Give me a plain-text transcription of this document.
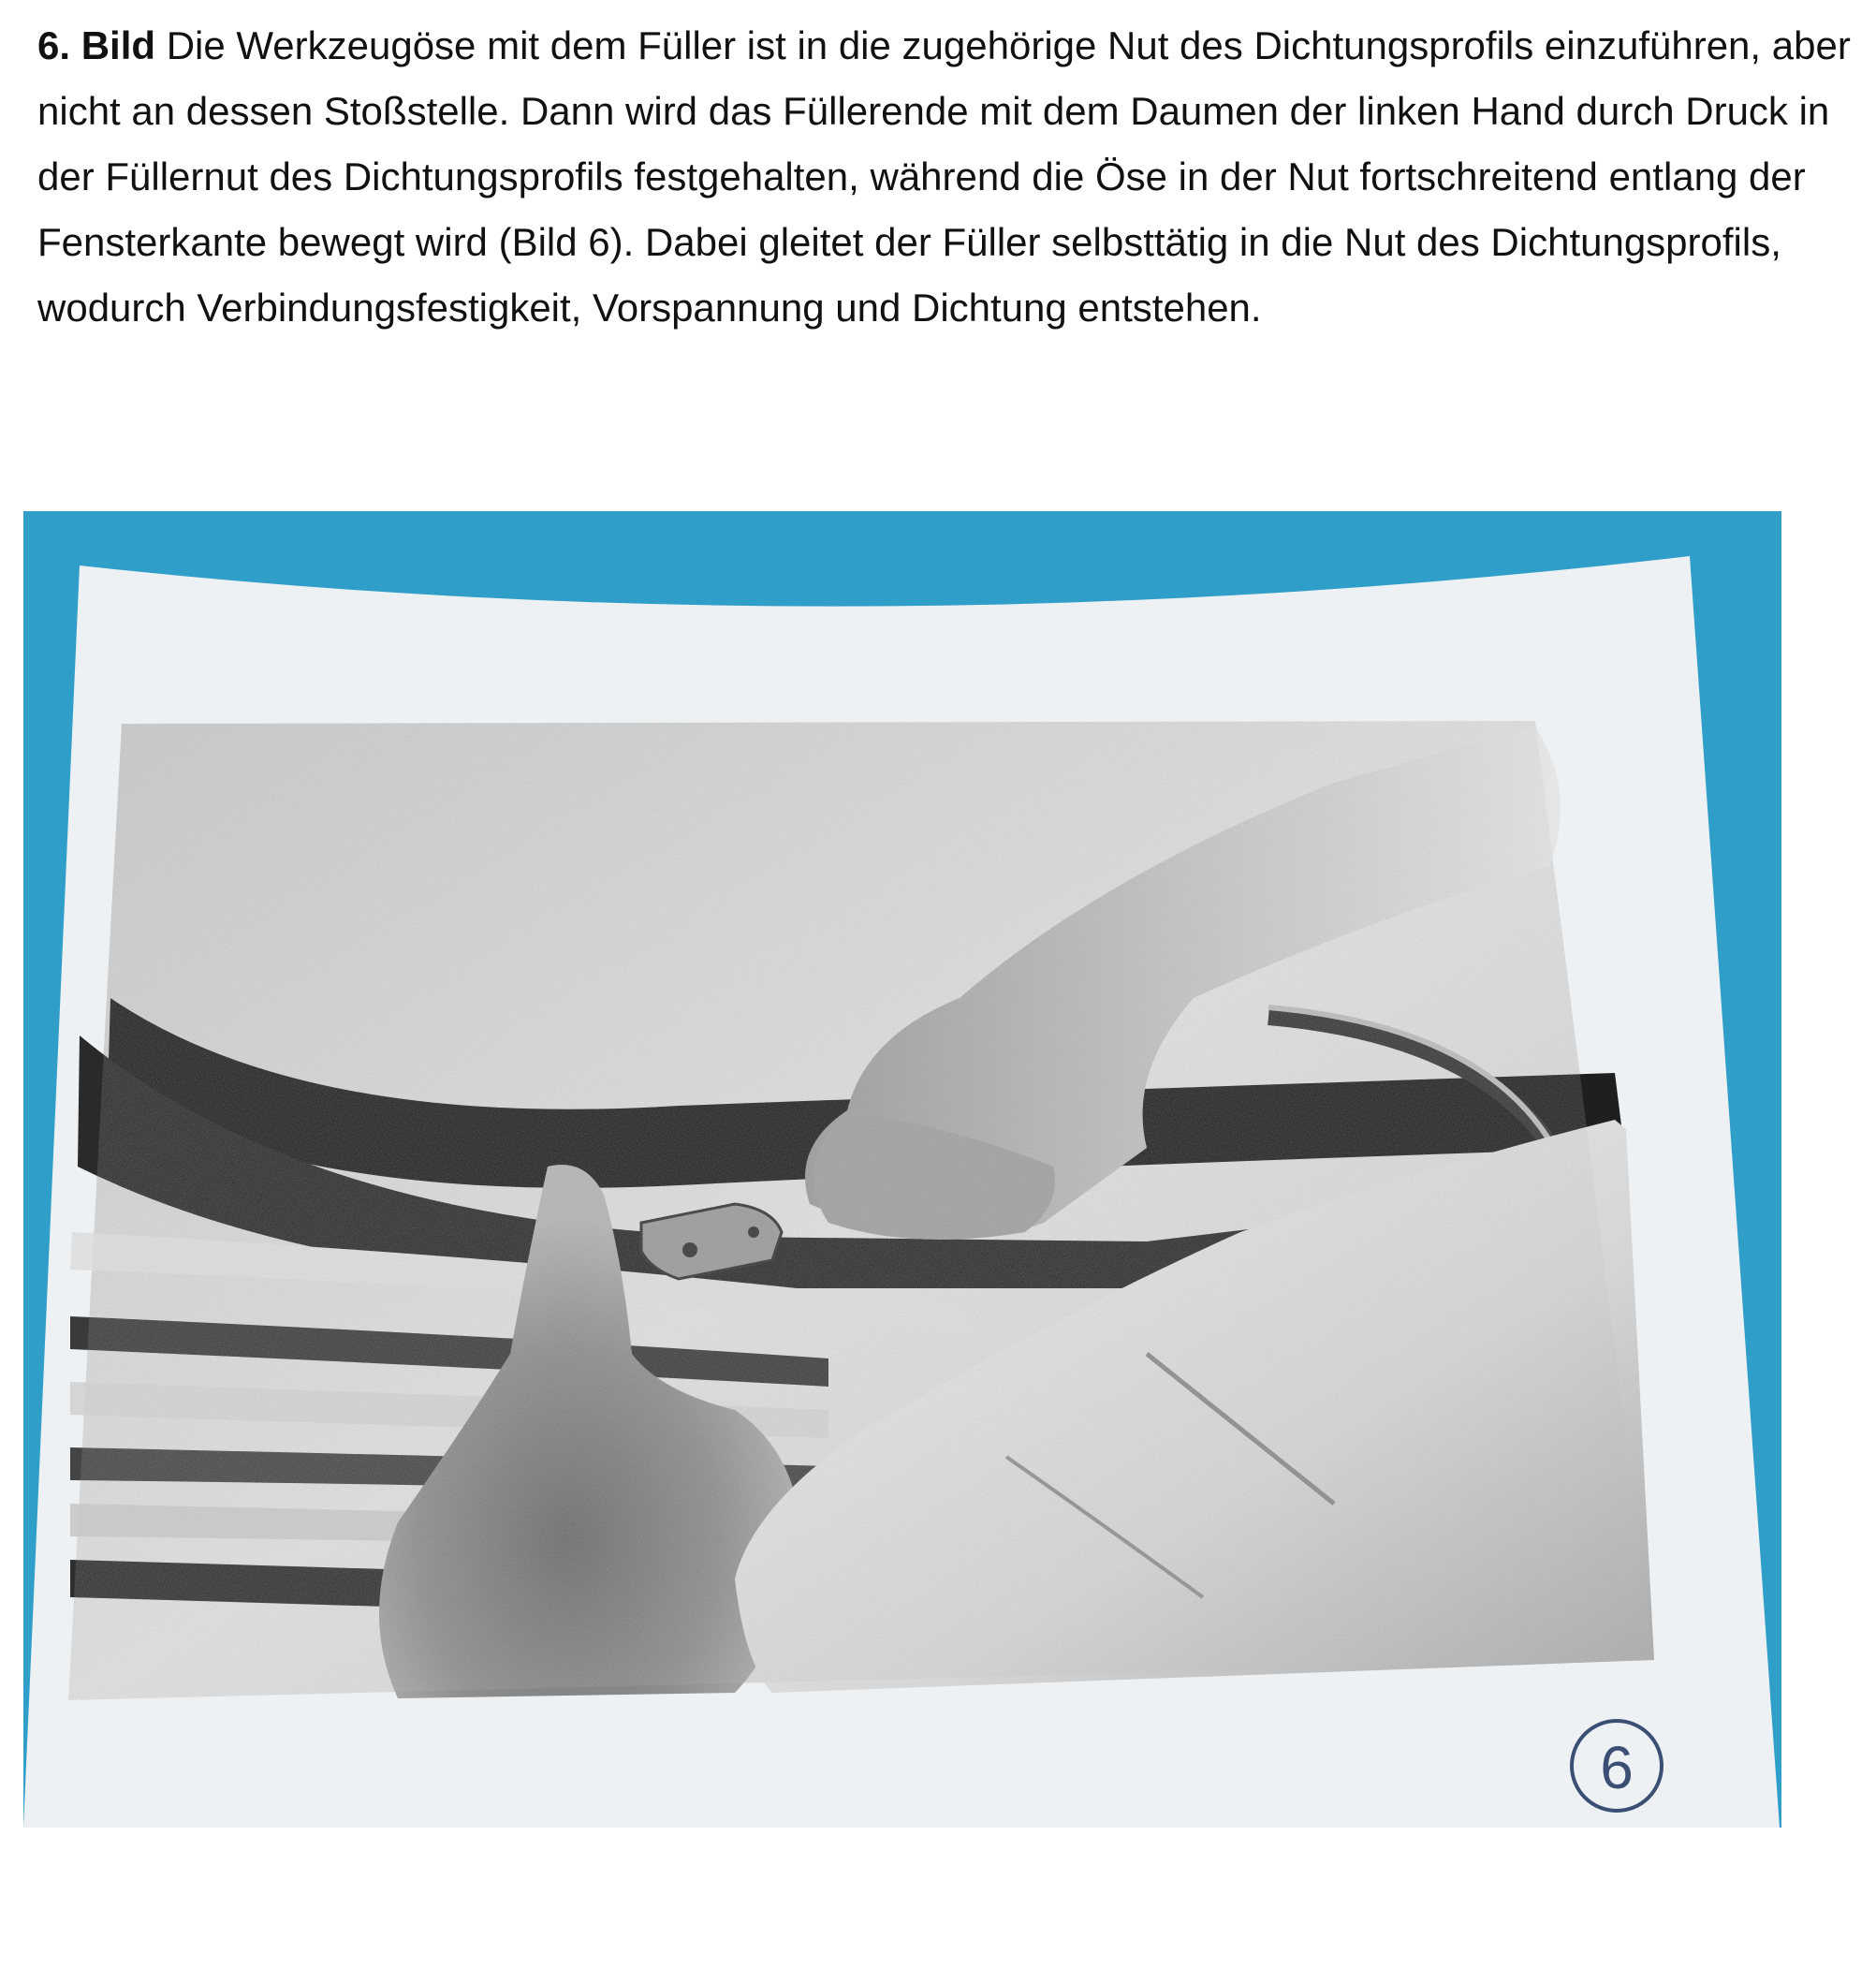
6. Bild Die Werkzeugöse mit dem Füller ist in die zugehörige Nut des Dichtungsprofils einzuführen, aber nicht an dessen Stoßstelle. Dann wird das Füllerende mit dem Daumen der linken Hand durch Druck in der Füllernut des Dichtungsprofils festgehalten, während die Öse in der Nut fortschreitend entlang der Fensterkante bewegt wird (Bild 6). Dabei gleitet der Füller selbsttätig in die Nut des Dichtungsprofils, wodurch Verbindungsfestigkeit, Vorspannung und Dichtung entstehen.

6
